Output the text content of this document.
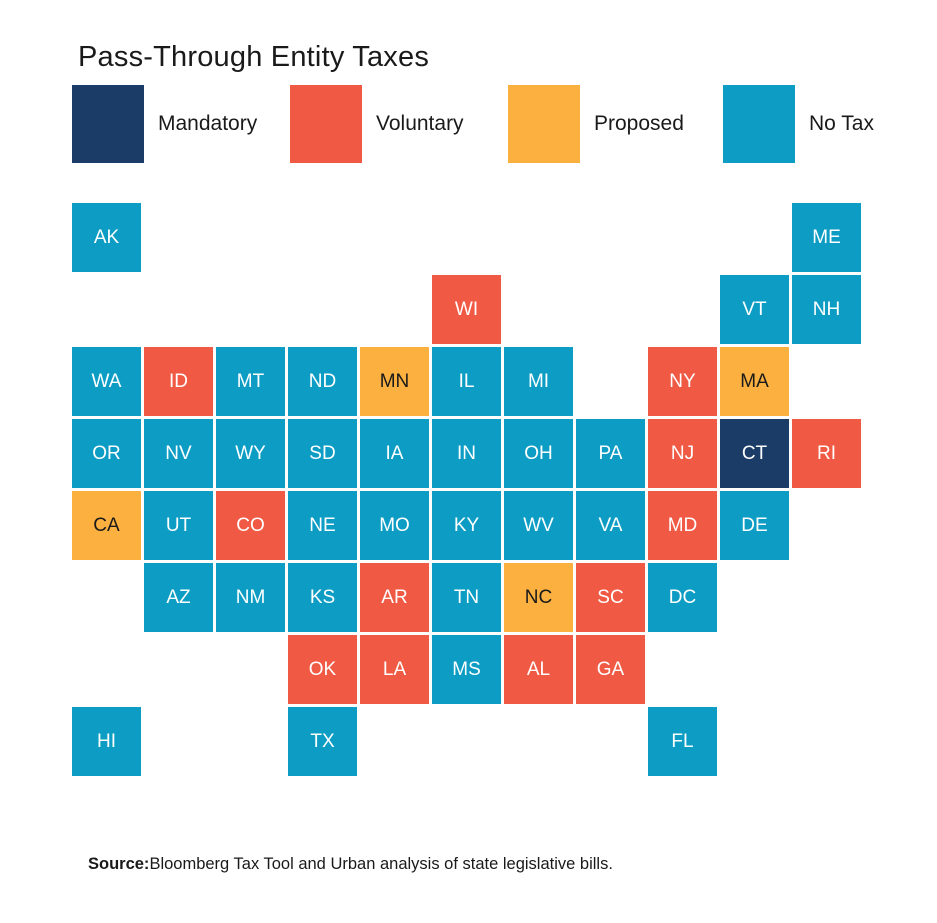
Pass-Through Entity Taxes
Mandatory	Voluntary	Proposed	No Tax
AK	ME
WI	VT	NH
WA	ID	MT	ND	MN	IL	MI	NY	MA
OR	NV	WY	SD	IA	IN	OH	PA	NJ	CT	RI
CA	UT	CO	NE	MO	KY	WV	VA	MD	DE
AZ	NM	KS	AR	TN	NC	SC	DC
OK	LA	MS	AL	GA
HI	TX	FL
Source:Bloomberg Tax Tool and Urban analysis of state legislative bills.
